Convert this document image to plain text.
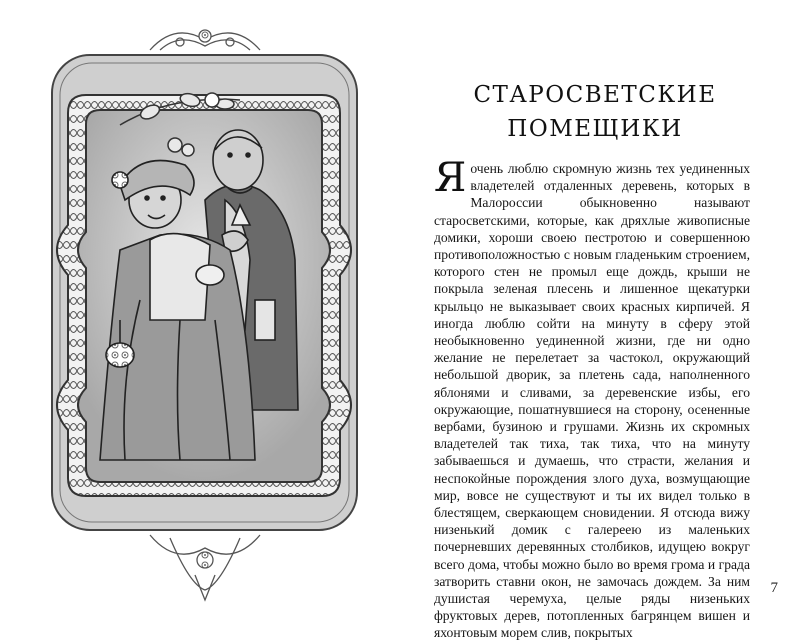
СТАРОСВЕТСКИЕ
ПОМЕЩИКИ
Я очень люблю скромную жизнь тех уединенных владетелей отдаленных деревень, которых в Малороссии обыкновенно называют старосветскими, которые, как дряхлые живописные домики, хороши своею пестротою и совершенною противоположностью с новым гладеньким строением, которого стен не промыл еще дождь, крыши не покрыла зеленая плесень и лишенное щекатурки крыльцо не выказывает своих красных кирпичей. Я иногда люблю сойти на минуту в сферу этой необыкновенно уединенной жизни, где ни одно желание не перелетает за частокол, окружающий небольшой дворик, за плетень сада, наполненного яблонями и сливами, за деревенские избы, его окружающие, пошатнувшиеся на сторону, осененные вербами, бузиною и грушами. Жизнь их скромных владетелей так тиха, так тиха, что на минуту забываешься и думаешь, что страсти, желания и неспокойные порождения злого духа, возмущающие мир, вовсе не существуют и ты их видел только в блестящем, сверкающем сновидении. Я отсюда вижу низенький домик с галереею из маленьких почерневших деревянных столбиков, идущею вокруг всего дома, чтобы можно было во время грома и града затворить ставни окон, не замочась дождем. За ним душистая черемуха, целые ряды низеньких фруктовых дерев, потопленных багрянцем вишен и яхонтовым морем слив, покрытых
7
